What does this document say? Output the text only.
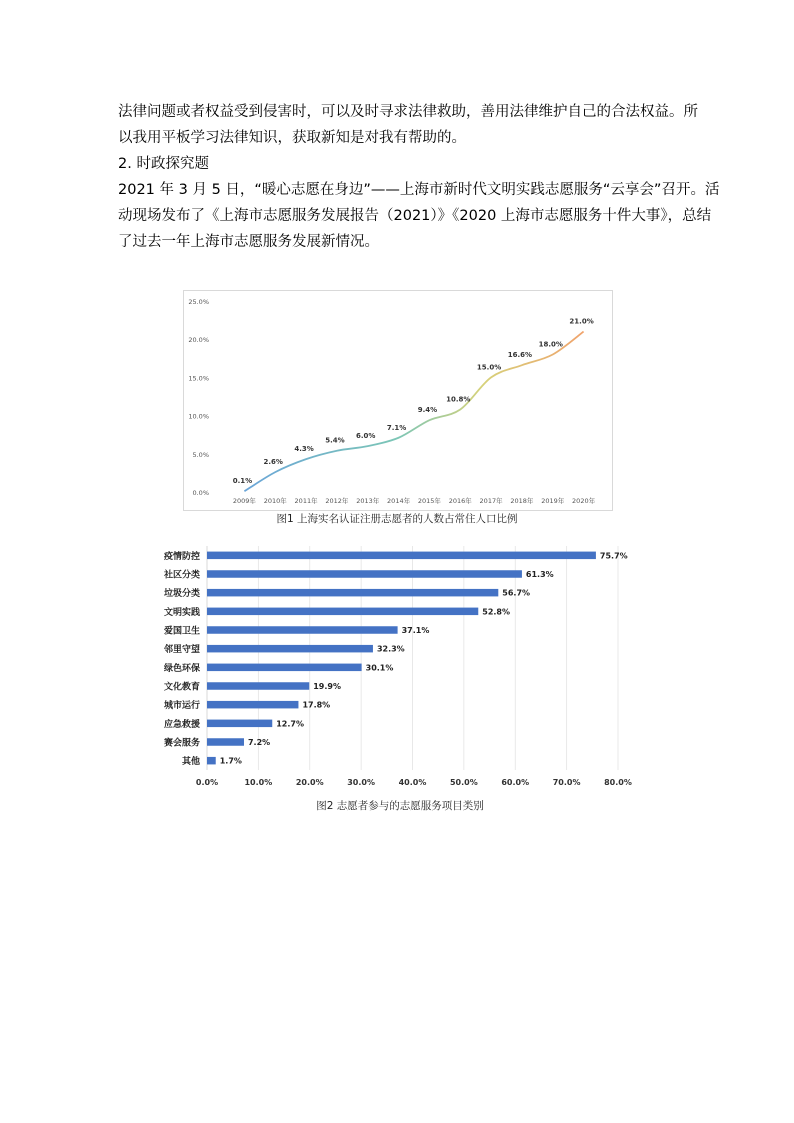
法律问题或者权益受到侵害时，可以及时寻求法律救助，善用法律维护自己的合法权益。所
以我用平板学习法律知识，获取新知是对我有帮助的。
2. 时政探究题
2021 年 3 月 5 日，“暖心志愿在身边”——上海市新时代文明实践志愿服务“云享会”召开。活
动现场发布了《上海市志愿服务发展报告（2021）》《2020 上海市志愿服务十件大事》，总结
了过去一年上海市志愿服务发展新情况。
0.0%
5.0%
10.0%
15.0%
20.0%
25.0%
2009年 2010年 2011年 2012年 2013年 2014年 2015年 2016年 2017年 2018年 2019年 2020年
0.1%
2.6%
4.3%
5.4%
6.0%
7.1%
9.4%
10.8%
15.0%
16.6%
18.0%
21.0%
图1 上海实名认证注册志愿者的人数占常住人口比例
0.0%	10.0%	20.0%	30.0%	40.0%	50.0%	60.0%	70.0%	80.0%
疫情防控	75.7%
社区分类	61.3%
垃圾分类	56.7%
文明实践	52.8%
爱国卫生	37.1%
邻里守望	32.3%
绿色环保	30.1%
文化教育	19.9%
城市运行	17.8%
应急救援	12.7%
赛会服务	7.2%
其他 1.7%
图2 志愿者参与的志愿服务项目类别
